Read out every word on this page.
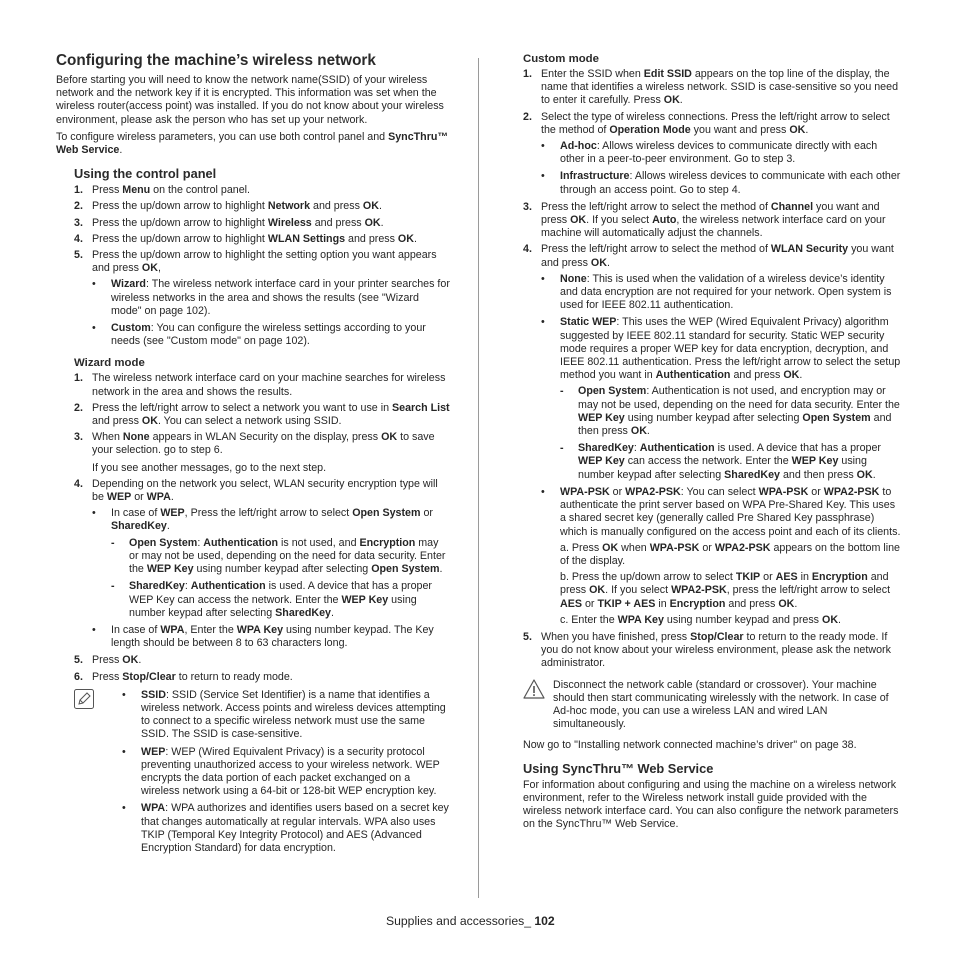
Configuring the machine’s wireless network

Before starting you will need to know the network name(SSID) of your wireless network and the network key if it is encrypted. This information was set when the wireless router(access point) was installed. If you do not know about your wireless environment, please ask the person who has set up your network.

To configure wireless parameters, you can use both control panel and SyncThru™ Web Service.

Using the control panel
1. Press Menu on the control panel.
2. Press the up/down arrow to highlight Network and press OK.
3. Press the up/down arrow to highlight Wireless and press OK.
4. Press the up/down arrow to highlight WLAN Settings and press OK.
5. Press the up/down arrow to highlight the setting option you want appears and press OK,
• Wizard: The wireless network interface card in your printer searches for wireless networks in the area and shows the results (see "Wizard mode" on page 102).
• Custom: You can configure the wireless settings according to your needs (see "Custom mode" on page 102).
Wizard mode
1. The wireless network interface card on your machine searches for wireless network in the area and shows the results.
2. Press the left/right arrow to select a network you want to use in Search List and press OK. You can select a network using SSID.
3. When None appears in WLAN Security on the display, press OK to save your selection. go to step 6.
If you see another messages, go to the next step.
4. Depending on the network you select, WLAN security encryption type will be WEP or WPA.
• In case of WEP, Press the left/right arrow to select Open System or SharedKey.
- Open System: Authentication is not used, and Encryption may or may not be used, depending on the need for data security. Enter the WEP Key using number keypad after selecting Open System.
- SharedKey: Authentication is used. A device that has a proper WEP Key can access the network. Enter the WEP Key using number keypad after selecting SharedKey.
• In case of WPA, Enter the WPA Key using number keypad. The Key length should be between 8 to 63 characters long.
5. Press OK.
6. Press Stop/Clear to return to ready mode.
• SSID: SSID (Service Set Identifier) is a name that identifies a wireless network. Access points and wireless devices attempting to connect to a specific wireless network must use the same SSID. The SSID is case-sensitive.
• WEP: WEP (Wired Equivalent Privacy) is a security protocol preventing unauthorized access to your wireless network. WEP encrypts the data portion of each packet exchanged on a wireless network using a 64-bit or 128-bit WEP encryption key.
• WPA: WPA authorizes and identifies users based on a secret key that changes automatically at regular intervals. WPA also uses TKIP (Temporal Key Integrity Protocol) and AES (Advanced Encryption Standard) for data encryption.
Custom mode
1. Enter the SSID when Edit SSID appears on the top line of the display, the name that identifies a wireless network. SSID is case-sensitive so you need to enter it carefully. Press OK.
2. Select the type of wireless connections. Press the left/right arrow to select the method of Operation Mode you want and press OK.
• Ad-hoc: Allows wireless devices to communicate directly with each other in a peer-to-peer environment. Go to step 3.
• Infrastructure: Allows wireless devices to communicate with each other through an access point. Go to step 4.
3. Press the left/right arrow to select the method of Channel you want and press OK. If you select Auto, the wireless network interface card on your machine will automatically adjust the channels.
4. Press the left/right arrow to select the method of WLAN Security you want and press OK.
• None: This is used when the validation of a wireless device’s identity and data encryption are not required for your network. Open system is used for IEEE 802.11 authentication.
• Static WEP: This uses the WEP (Wired Equivalent Privacy) algorithm suggested by IEEE 802.11 standard for security. Static WEP security mode requires a proper WEP key for data encryption, decryption, and IEEE 802.11 authentication. Press the left/right arrow to select the setup method you want in Authentication and press OK.
- Open System: Authentication is not used, and encryption may or may not be used, depending on the need for data security. Enter the WEP Key using number keypad after selecting Open System and then press OK.
- SharedKey: Authentication is used. A device that has a proper WEP Key can access the network. Enter the WEP Key using number keypad after selecting SharedKey and then press OK.
• WPA-PSK or WPA2-PSK: You can select WPA-PSK or WPA2-PSK to authenticate the print server based on WPA Pre-Shared Key. This uses a shared secret key (generally called Pre Shared Key passphrase) which is manually configured on the access point and each of its clients.
a. Press OK when WPA-PSK or WPA2-PSK appears on the bottom line of the display.
b. Press the up/down arrow to select TKIP or AES in Encryption and press OK. If you select WPA2-PSK, press the left/right arrow to select AES or TKIP + AES in Encryption and press OK.
c. Enter the WPA Key using number keypad and press OK.
5. When you have finished, press Stop/Clear to return to the ready mode. If you do not know about your wireless environment, please ask the network administrator.
Disconnect the network cable (standard or crossover). Your machine should then start communicating wirelessly with the network. In case of Ad-hoc mode, you can use a wireless LAN and wired LAN simultaneously.

Now go to "Installing network connected machine’s driver" on page 38.

Using SyncThru™ Web Service

For information about configuring and using the machine on a wireless network environment, refer to the Wireless network install guide provided with the wireless network interface card. You can also configure the network parameters on the SyncThru™ Web Service.

Supplies and accessories_ 102
